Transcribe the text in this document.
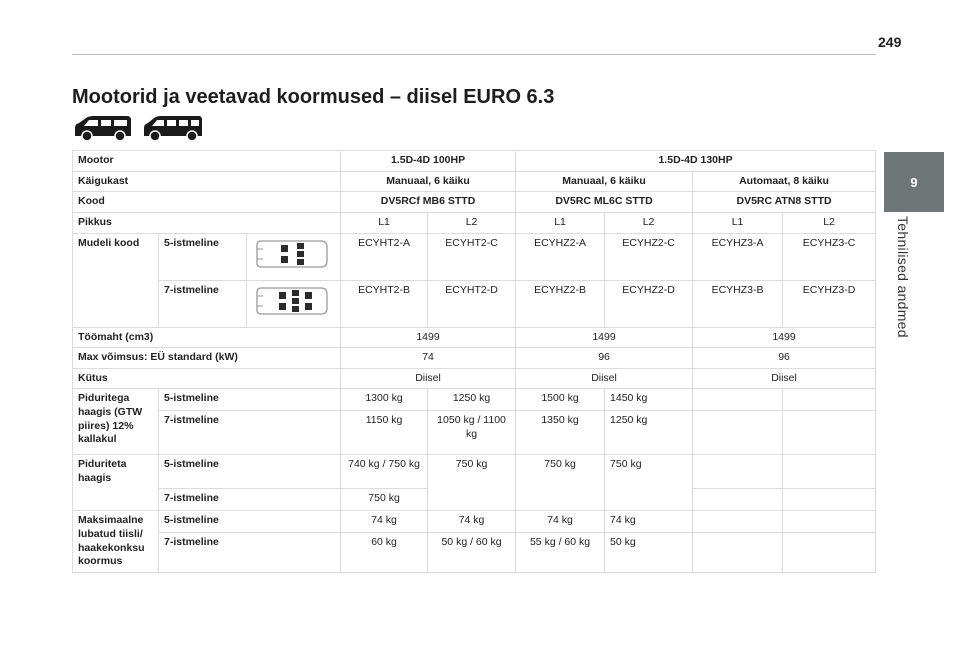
249
Mootorid ja veetavad koormused – diisel EURO 6.3
9
Tehnilised andmed
Mootor			1.5D-4D 100HP		1.5D-4D 130HP			
Käigukast			Manuaal, 6 käiku		Manuaal, 6 käiku		Automaat, 8 käiku	
Kood			DV5RCf MB6 STTD		DV5RC ML6C STTD		DV5RC ATN8 STTD	
Pikkus			L1	L2	L1	L2	L1	L2
Mudeli kood	5-istmeline		ECYHT2-A	ECYHT2-C	ECYHZ2-A	ECYHZ2-C	ECYHZ3-A	ECYHZ3-C
	7-istmeline		ECYHT2-B	ECYHT2-D	ECYHZ2-B	ECYHZ2-D	ECYHZ3-B	ECYHZ3-D
Töömaht (cm3)			1499		1499		1499	
Max võimsus: EÜ standard (kW)			74		96		96	
Kütus			Diisel		Diisel		Diisel	
Piduritega haagis (GTW piires) 12% kallakul	5-istmeline		1300 kg	1250 kg	1500 kg	1450 kg		
	7-istmeline		1150 kg	1050 kg / 1100 kg	1350 kg	1250 kg		
Piduriteta haagis	5-istmeline		740 kg / 750 kg	750 kg	750 kg	750 kg		
	7-istmeline		750 kg					
Maksimaalne lubatud tiisli/ haakekonksu koormus	5-istmeline		74 kg	74 kg	74 kg	74 kg		
	7-istmeline		60 kg	50 kg / 60 kg	55 kg / 60 kg	50 kg		
